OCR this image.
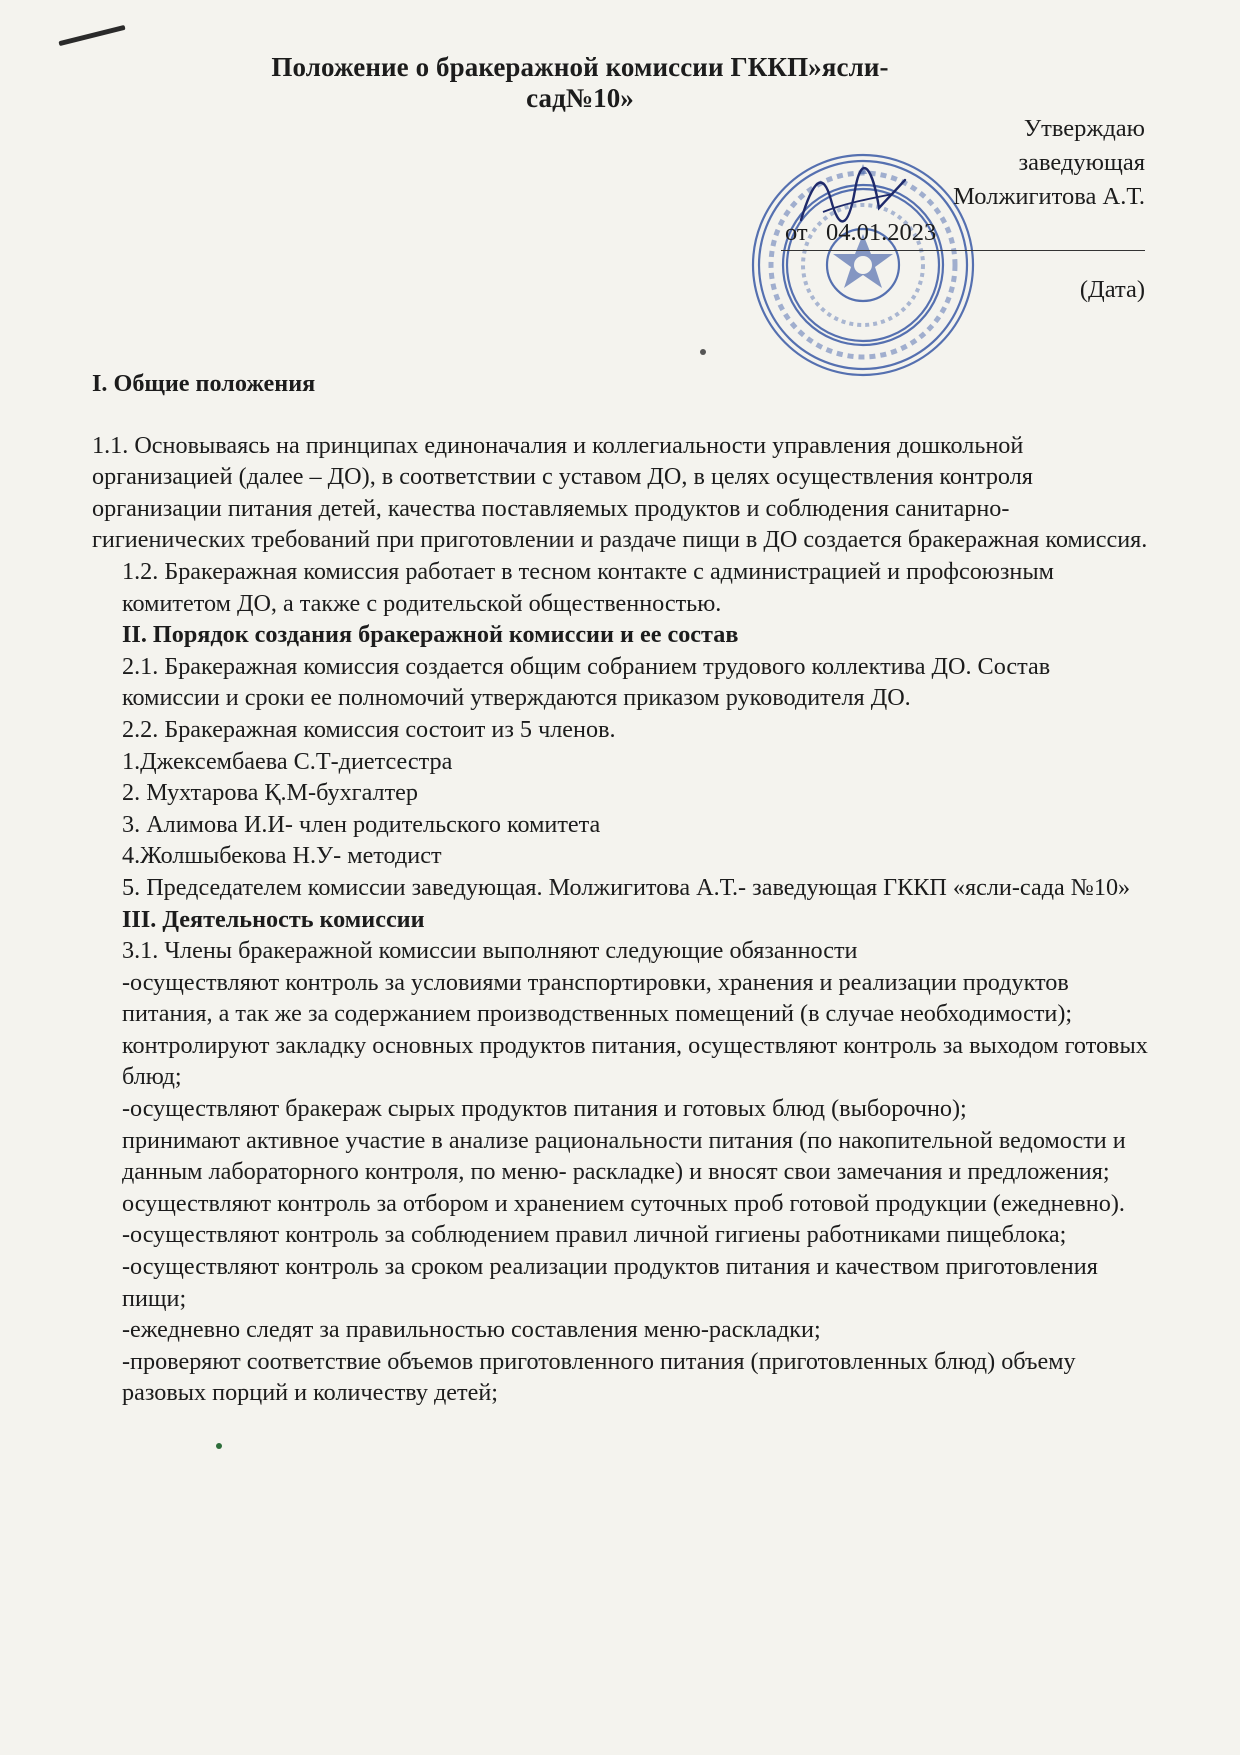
Положение о бракеражной комиссии ГККП»ясли-сад№10»
Утверждаю
заведующая
Молжигитова А.Т.
от 04.01.2023
(Дата)

I. Общие положения

1.1. Основываясь на принципах единоначалия и коллегиальности управления дошкольной организацией (далее – ДО), в соответствии с уставом ДО, в целях осуществления контроля организации питания детей, качества поставляемых продуктов и соблюдения санитарно-гигиенических требований при приготовлении и раздаче пищи в ДО создается бракеражная комиссия.

1.2. Бракеражная комиссия работает в тесном контакте с администрацией и профсоюзным комитетом ДО, а также с родительской общественностью.

II. Порядок создания бракеражной комиссии и ее состав

2.1. Бракеражная комиссия создается общим собранием трудового коллектива ДО. Состав комиссии и сроки ее полномочий утверждаются приказом руководителя ДО.

2.2. Бракеражная комиссия состоит из 5 членов.

1.Джексембаева С.Т-диетсестра

2. Мухтарова Қ.М-бухгалтер

3. Алимова И.И- член родительского комитета

4.Жолшыбекова Н.У- методист

5. Председателем комиссии заведующая. Молжигитова А.Т.- заведующая ГККП «ясли-сада №10»

III. Деятельность комиссии

3.1. Члены бракеражной комиссии выполняют следующие обязанности

-осуществляют контроль за условиями транспортировки, хранения и реализации продуктов питания, а так же за содержанием производственных помещений (в случае необходимости);

контролируют закладку основных продуктов питания, осуществляют контроль за выходом готовых блюд;

-осуществляют бракераж сырых продуктов питания и готовых блюд (выборочно);

принимают активное участие в анализе рациональности питания (по накопительной ведомости и данным лабораторного контроля, по меню- раскладке) и вносят свои замечания и предложения;

осуществляют контроль за отбором и хранением суточных проб готовой продукции (ежедневно).

-осуществляют контроль за соблюдением правил личной гигиены работниками пищеблока;

-осуществляют контроль за сроком реализации продуктов питания и качеством приготовления пищи;

-ежедневно следят за правильностью составления меню-раскладки;

-проверяют соответствие объемов приготовленного питания (приготовленных блюд) объему разовых порций и количеству детей;
